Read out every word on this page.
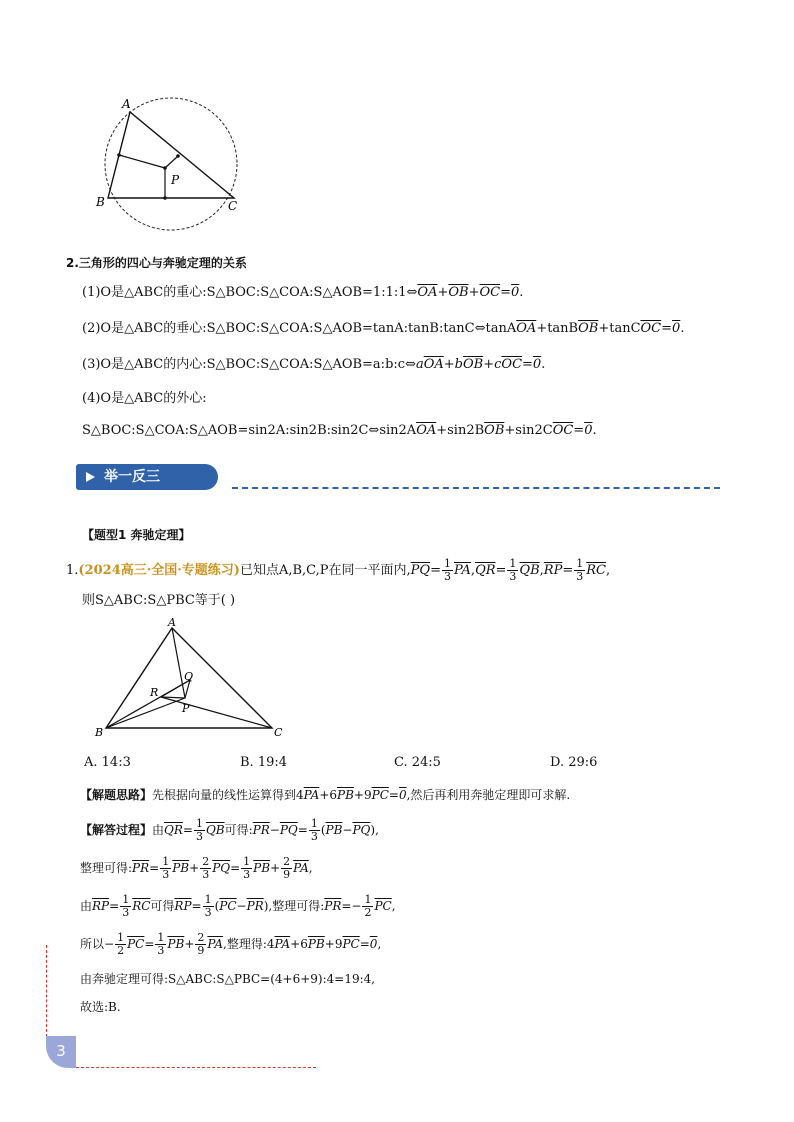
A
B	C
P
2.三角形的四心与奔驰定理的关系
(1)O是△ABC的重心$:S\triangle BOC:S\triangle COA:S\triangle AOB=1:1:1\Leftrightarrow\overline{OA}+\overline{OB}+\overline{OC}=0$.
(2)O是△ABC的垂心$:S\triangle BOC:S\triangle COA:S\triangle AOB=\tan A:\tan B:\tan C\Leftrightarrow\tan A\overline{OA}+\tan B\overline{OB}+\tan C\overline{OC}=0$.
(3)O是△ABC的内心$:S\triangle BOC:S\triangle COA:S\triangle AOB=a:b:c\Leftrightarrow a\overline{OA}+b\overline{OB}+c\overline{OC}=0$.
(4)O是△ABC的外心:
$S\triangle BOC:S\triangle COA:S\triangle AOB=\sin 2A:\sin 2B:\sin 2C\Leftrightarrow\sin 2A\overline{OA}+\sin 2B\overline{OB}+\sin 2C\overline{OC}=0$.
举一反三
【题型1 奔驰定理】
1.(2024高三·全国·专题练习)已知点A,B,C,P在同一平面内$,\overline{PQ}= \frac{1}{3} \overline{PA},\overline{QR}= \frac{1}{3} \overline{QB},\overline{RP}= \frac{1}{3} \overline{RC}$,
则S△ABC:S△PBC等于( )
A
B	C
Q
R
P
A. 14:3	B. 19:4	C. 24:5	D. 29:6
【解题思路】先根据向量的线性运算得到$4\overline{PA}+6\overline{PB}+9\overline{PC}=0$,然后再利用奔驰定理即可求解.
【解答过程】由$\overline{QR}= \frac{1}{3} \overline{QB}$可得$:\overline{PR}-\overline{PQ}= \frac{1}{3} (\overline{PB}-\overline{PQ})$,
整理可得$:\overline{PR}= \frac{1}{3} \overline{PB}+ \frac{2}{3} \overline{PQ}= \frac{1}{3} \overline{PB}+ \frac{2}{9} \overline{PA}$,
由$\overline{RP}= \frac{1}{3} \overline{RC}$可得$\overline{RP}= \frac{1}{3} (\overline{PC}-\overline{PR})$,整理可得$:\overline{PR}=- \frac{1}{2} \overline{PC}$,
所以− $\frac{1}{2} \overline{PC}= \frac{1}{3} \overline{PB}+ \frac{2}{9} \overline{PA}$,整理得$:4\overline{PA}+6\overline{PB}+9\overline{PC}=0$,
由奔驰定理可得:S△ABC:S△PBC=(4+6+9):4=19:4,
故选:B.
3
